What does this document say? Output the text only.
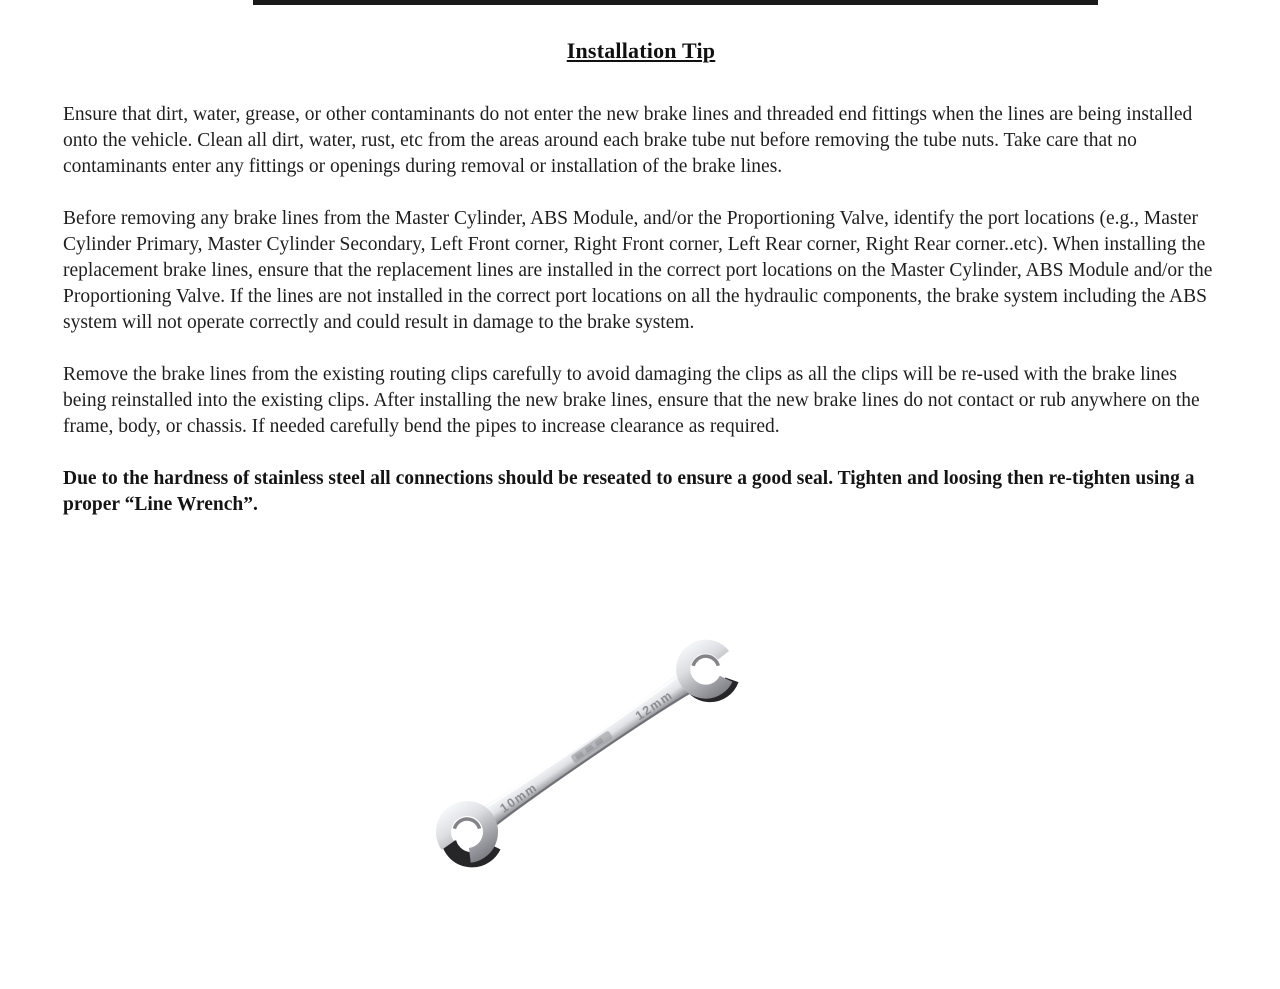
Installation Tip

Ensure that dirt, water, grease, or other contaminants do not enter the new brake lines and threaded end fittings when the lines are being installed onto the vehicle. Clean all dirt, water, rust, etc from the areas around each brake tube nut before removing the tube nuts. Take care that no contaminants enter any fittings or openings during removal or installation of the brake lines.

Before removing any brake lines from the Master Cylinder, ABS Module, and/or the Proportioning Valve, identify the port locations (e.g., Master Cylinder Primary, Master Cylinder Secondary, Left Front corner, Right Front corner, Left Rear corner, Right Rear corner..etc). When installing the replacement brake lines, ensure that the replacement lines are installed in the correct port locations on the Master Cylinder, ABS Module and/or the Proportioning Valve. If the lines are not installed in the correct port locations on all the hydraulic components, the brake system including the ABS system will not operate correctly and could result in damage to the brake system.

Remove the brake lines from the existing routing clips carefully to avoid damaging the clips as all the clips will be re-used with the brake lines being reinstalled into the existing clips. After installing the new brake lines, ensure that the new brake lines do not contact or rub anywhere on the frame, body, or chassis. If needed carefully bend the pipes to increase clearance as required.

Due to the hardness of stainless steel all connections should be reseated to ensure a good seal. Tighten and loosing then re-tighten using a proper “Line Wrench”.

10mm
12mm
